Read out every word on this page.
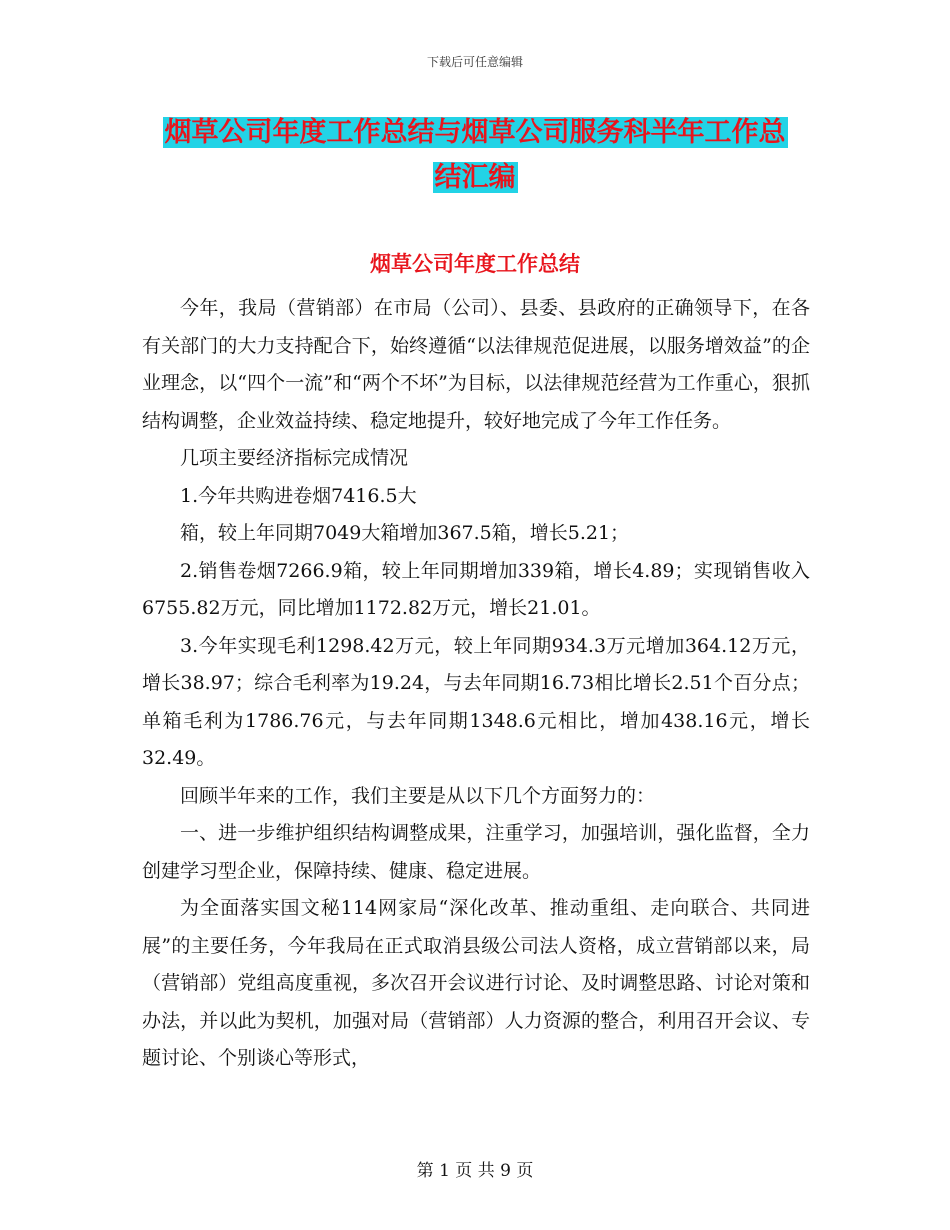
下载后可任意编辑
烟草公司年度工作总结与烟草公司服务科半年工作总
结汇编
烟草公司年度工作总结

今年，我局（营销部）在市局（公司）、县委、县政府的正确领导下，在各有关部门的大力支持配合下，始终遵循“以法律规范促进展，以服务增效益”的企业理念，以“四个一流”和“两个不坏”为目标，以法律规范经营为工作重心，狠抓结构调整，企业效益持续、稳定地提升，较好地完成了今年工作任务。

几项主要经济指标完成情况

1.今年共购进卷烟7416.5大

箱，较上年同期7049大箱增加367.5箱，增长5.21；

2.销售卷烟7266.9箱，较上年同期增加339箱，增长4.89；实现销售收入6755.82万元，同比增加1172.82万元，增长21.01。

3.今年实现毛利1298.42万元，较上年同期934.3万元增加364.12万元，增长38.97；综合毛利率为19.24，与去年同期16.73相比增长2.51个百分点；单箱毛利为1786.76元，与去年同期1348.6元相比，增加438.16元，增长32.49。

回顾半年来的工作，我们主要是从以下几个方面努力的：

一、进一步维护组织结构调整成果，注重学习，加强培训，强化监督，全力创建学习型企业，保障持续、健康、稳定进展。

为全面落实国文秘114网家局“深化改革、推动重组、走向联合、共同进展”的主要任务，今年我局在正式取消县级公司法人资格，成立营销部以来，局（营销部）党组高度重视，多次召开会议进行讨论、及时调整思路、讨论对策和办法，并以此为契机，加强对局（营销部）人力资源的整合，利用召开会议、专题讨论、个别谈心等形式，

第 1 页 共 9 页
